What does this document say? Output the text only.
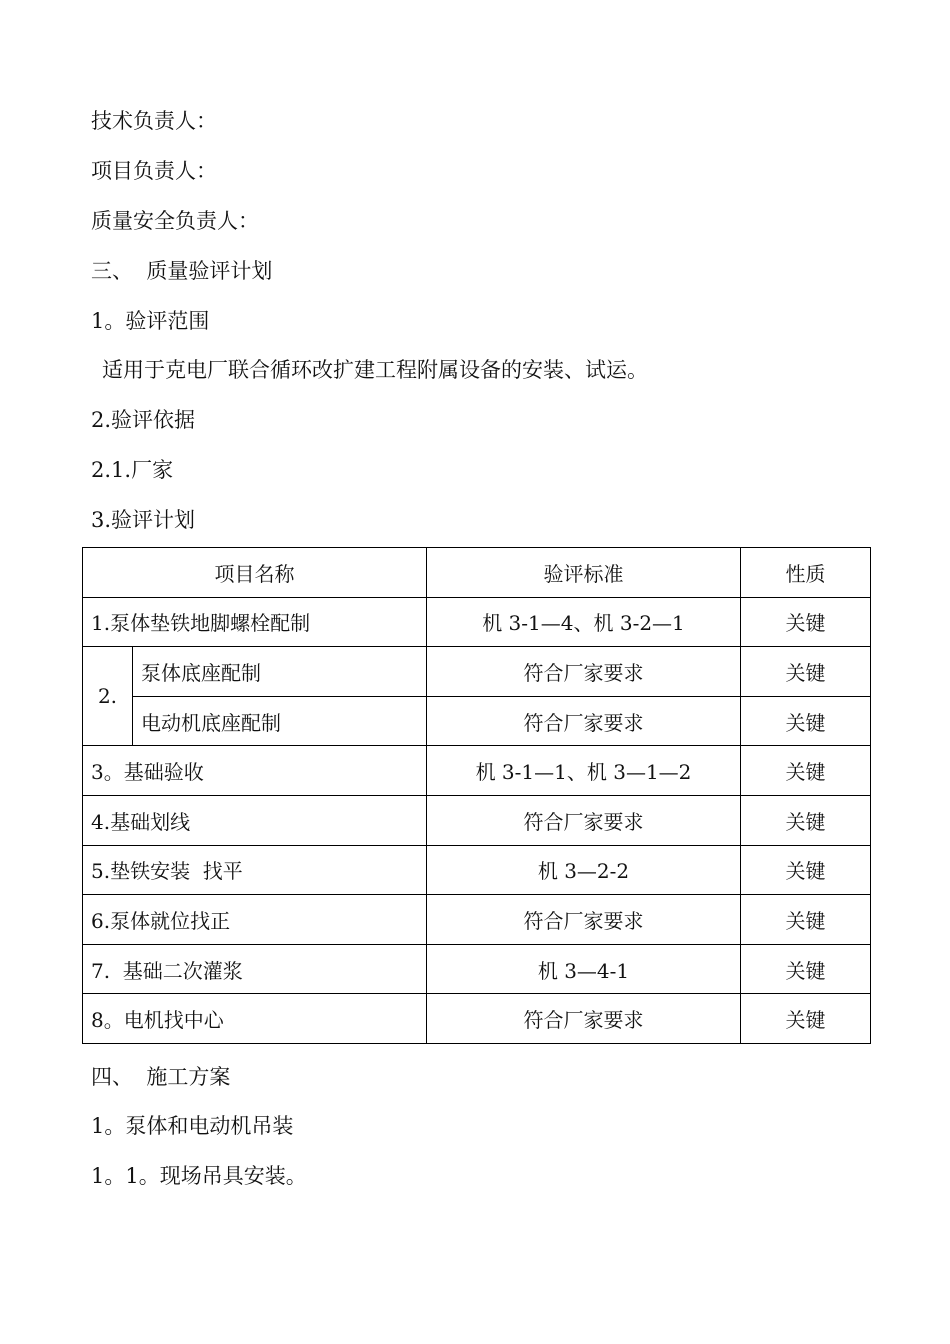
技术负责人：
项目负责人：
质量安全负责人：
三、  质量验评计划
1。验评范围
适用于克电厂联合循环改扩建工程附属设备的安装、试运。
2.验评依据
2.1.厂家
3.验评计划
项目名称		验评标准	性质
1.泵体垫铁地脚螺栓配制		机 3-1—4、机 3-2—1	关键
2.	泵体底座配制	符合厂家要求	关键
	电动机底座配制	符合厂家要求	关键
3。基础验收		机 3-1—1、机 3—1—2	关键
4.基础划线		符合厂家要求	关键
5.垫铁安装  找平		机 3—2-2	关键
6.泵体就位找正		符合厂家要求	关键
7.  基础二次灌浆		机 3—4-1	关键
8。电机找中心		符合厂家要求	关键
四、  施工方案
1。泵体和电动机吊装
1。1。现场吊具安装。
